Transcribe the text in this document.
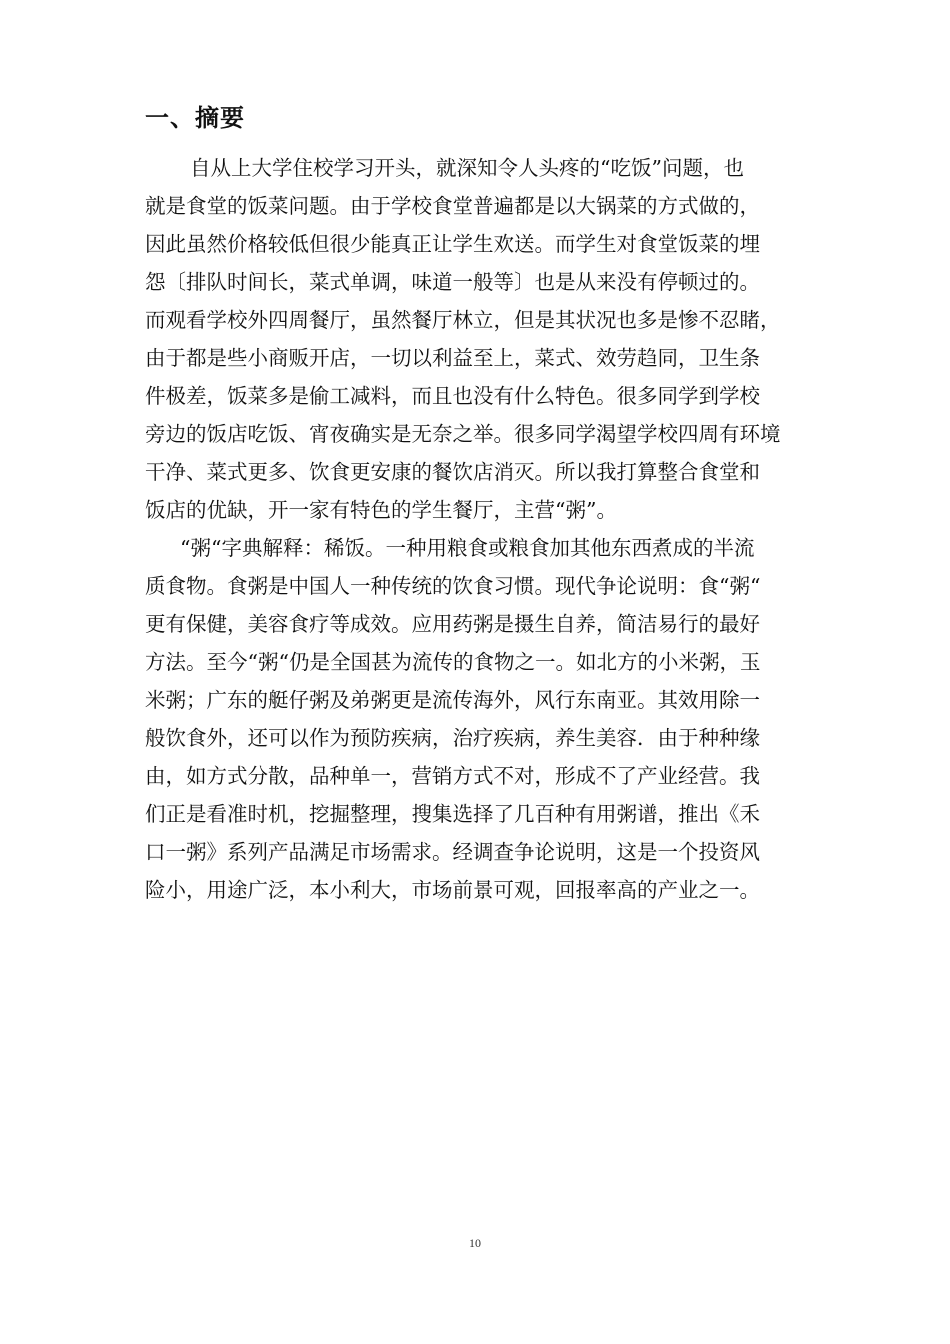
一、摘要
自从上大学住校学习开头，就深知令人头疼的“吃饭”问题，也
就是食堂的饭菜问题。由于学校食堂普遍都是以大锅菜的方式做的，
因此虽然价格较低但很少能真正让学生欢送。而学生对食堂饭菜的埋
怨〔排队时间长，菜式单调，味道一般等〕也是从来没有停顿过的。
而观看学校外四周餐厅，虽然餐厅林立，但是其状况也多是惨不忍睹，
由于都是些小商贩开店，一切以利益至上，菜式、效劳趋同，卫生条
件极差，饭菜多是偷工减料，而且也没有什么特色。很多同学到学校
旁边的饭店吃饭、宵夜确实是无奈之举。很多同学渴望学校四周有环境
干净、菜式更多、饮食更安康的餐饮店消灭。所以我打算整合食堂和
饭店的优缺，开一家有特色的学生餐厅，主营“粥”。
“粥“字典解释：稀饭。一种用粮食或粮食加其他东西煮成的半流
质食物。食粥是中国人一种传统的饮食习惯。现代争论说明：食“粥“
更有保健，美容食疗等成效。应用药粥是摄生自养，简洁易行的最好
方法。至今“粥“仍是全国甚为流传的食物之一。如北方的小米粥，玉
米粥；广东的艇仔粥及弟粥更是流传海外，风行东南亚。其效用除一
般饮食外，还可以作为预防疾病，治疗疾病，养生美容．由于种种缘
由，如方式分散，品种单一，营销方式不对，形成不了产业经营。我
们正是看准时机，挖掘整理，搜集选择了几百种有用粥谱，推出《禾
口一粥》系列产品满足市场需求。经调查争论说明，这是一个投资风
险小，用途广泛，本小利大，市场前景可观，回报率高的产业之一。
10
